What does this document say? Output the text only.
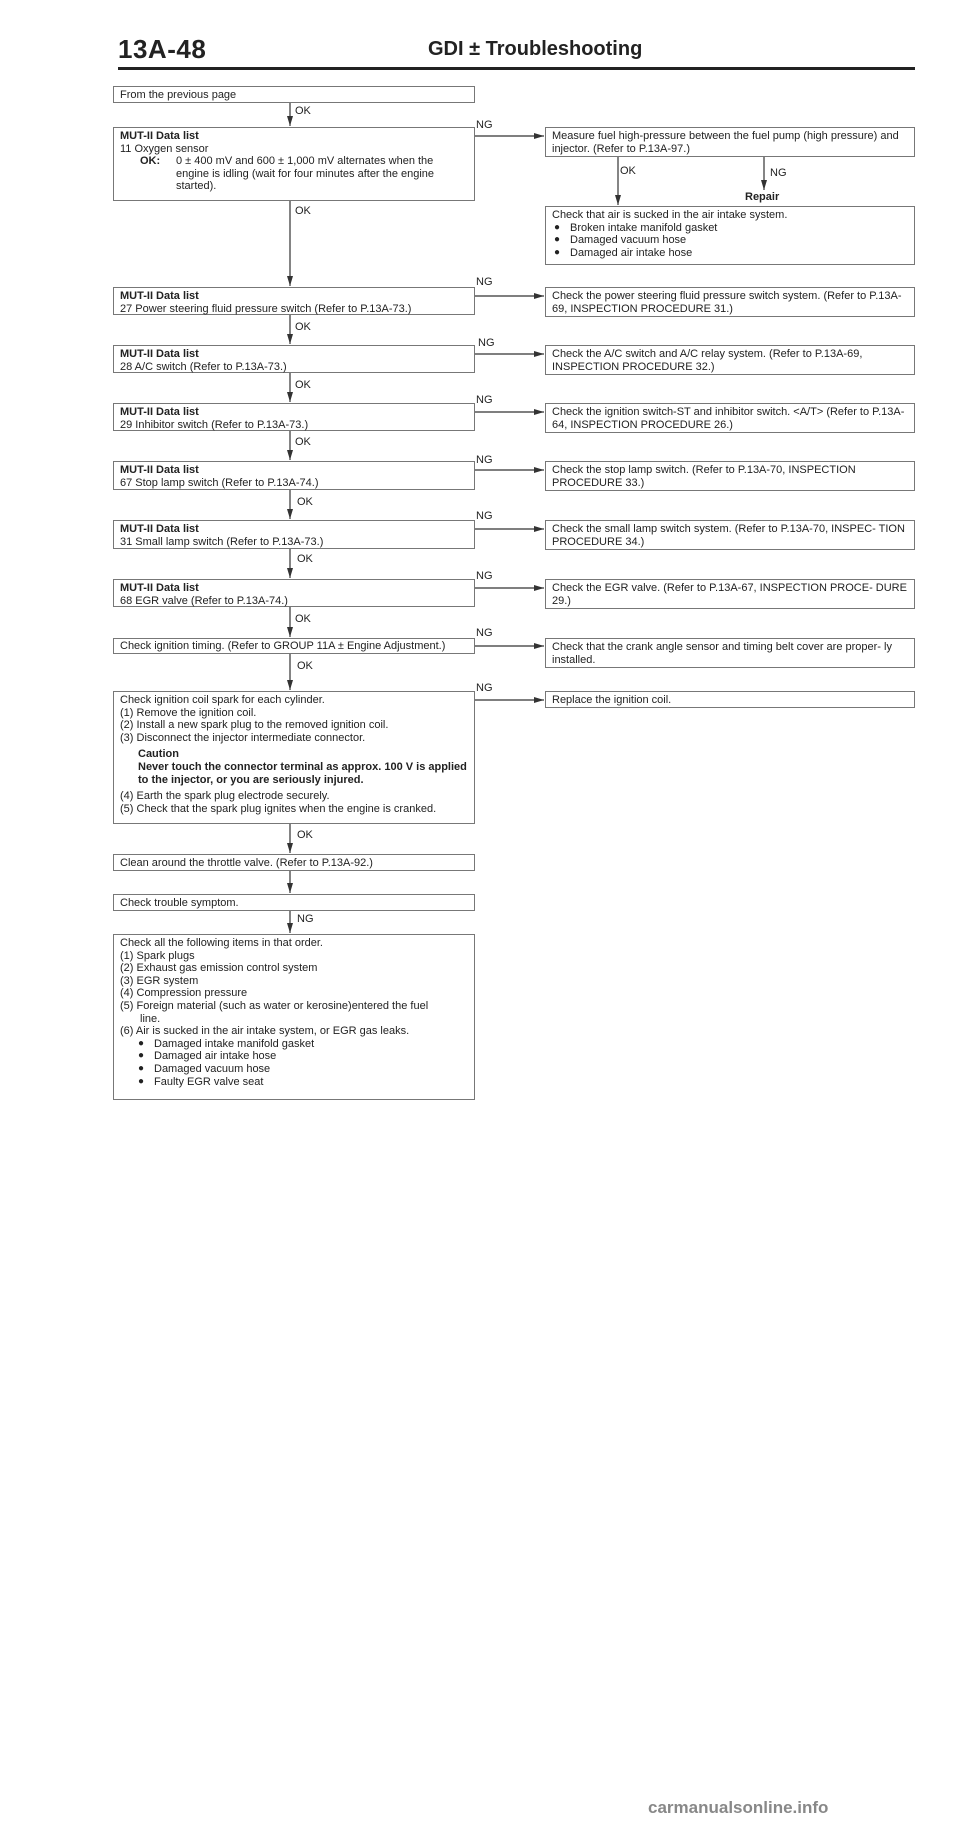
13A-48	GDI ± Troubleshooting
OK
NG
OK	NG
Repair
OK
NG
OK
NG
OK
NG
OK
NG
OK
NG
OK
NG
OK
NG
OK
NG
OK
NG
From the previous page
MUT-II Data list
11 Oxygen sensor
OK: 0 ± 400 mV and 600 ± 1,000 mV alternates when the engine is idling (wait for four minutes after the engine started).
MUT-II Data list
27 Power steering fluid pressure switch (Refer to P.13A-73.)
MUT-II Data list
28 A/C switch (Refer to P.13A-73.)
MUT-II Data list
29 Inhibitor switch (Refer to P.13A-73.)
MUT-II Data list
67 Stop lamp switch (Refer to P.13A-74.)
MUT-II Data list
31 Small lamp switch (Refer to P.13A-73.)
MUT-II Data list
68 EGR valve (Refer to P.13A-74.)
Check ignition timing. (Refer to GROUP 11A ± Engine Adjustment.)
Check ignition coil spark for each cylinder.
(1) Remove the ignition coil.
(2) Install a new spark plug to the removed ignition coil.
(3) Disconnect the injector intermediate connector.
Caution
Never touch the connector terminal as approx. 100 V is applied to the injector, or you are seriously injured.
(4) Earth the spark plug electrode securely.
(5) Check that the spark plug ignites when the engine is cranked.
Clean around the throttle valve. (Refer to P.13A-92.)
Check trouble symptom.
Check all the following items in that order.
(1) Spark plugs
(2) Exhaust gas emission control system
(3) EGR system
(4) Compression pressure
(5) Foreign material (such as water or kerosine)entered the fuel
line.
(6) Air is sucked in the air intake system, or EGR gas leaks.
● Damaged intake manifold gasket
● Damaged air intake hose
● Damaged vacuum hose
● Faulty EGR valve seat
Measure fuel high-pressure between the fuel pump (high pressure) and injector. (Refer to P.13A-97.)
Check that air is sucked in the air intake system.
● Broken intake manifold gasket
● Damaged vacuum hose
● Damaged air intake hose
Check the power steering fluid pressure switch system. (Refer to P.13A-69, INSPECTION PROCEDURE 31.)
Check the A/C switch and A/C relay system. (Refer to P.13A-69, INSPECTION PROCEDURE 32.)
Check the ignition switch-ST and inhibitor switch. <A/T> (Refer to P.13A-64, INSPECTION PROCEDURE 26.)
Check the stop lamp switch. (Refer to P.13A-70, INSPECTION PROCEDURE 33.)
Check the small lamp switch system. (Refer to P.13A-70, INSPEC- TION PROCEDURE 34.)
Check the EGR valve. (Refer to P.13A-67, INSPECTION PROCE- DURE 29.)
Check that the crank angle sensor and timing belt cover are proper- ly installed.
Replace the ignition coil.
carmanualsonline.info
